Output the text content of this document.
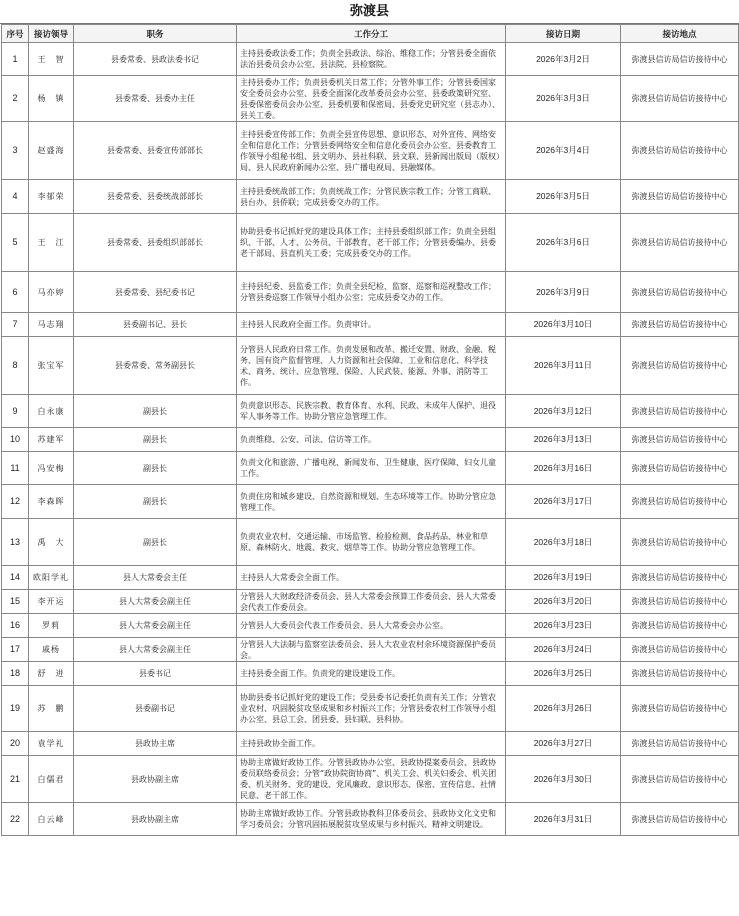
弥渡县
序号	接访领导	职务	工作分工	接访日期	接访地点
1	王　智	县委常委、县政法委书记	主持县委政法委工作；负责全县政法、综治、维稳工作；分管县委全面依法治县委员会办公室、县法院、县检察院。	2026年3月2日	弥渡县信访局信访接待中心
2	杨　镇	县委常委、县委办主任	主持县委办工作；负责县委机关日常工作；分管外事工作；分管县委国家安全委员会办公室、县委全面深化改革委员会办公室、县委政策研究室、县委保密委员会办公室、县委机要和保密局、县委党史研究室（县志办）、县关工委。	2026年3月3日	弥渡县信访局信访接待中心
3	赵盛海	县委常委、县委宣传部部长	主持县委宣传部工作；负责全县宣传思想、意识形态、对外宣传、网络安全和信息化工作；分管县委网络安全和信息化委员会办公室、县委教育工作领导小组秘书组、县文明办、县社科联、县文联、县新闻出版局（版权）局、县人民政府新闻办公室、县广播电视局、县融媒体。	2026年3月4日	弥渡县信访局信访接待中心
4	李郁荣	县委常委、县委统战部部长	主持县委统战部工作；负责统战工作；分管民族宗教工作；分管工商联、县台办、县侨联；完成县委交办的工作。	2026年3月5日	弥渡县信访局信访接待中心
5	王　江	县委常委、县委组织部部长	协助县委书记抓好党的建设具体工作；主持县委组织部工作；负责全县组织、干部、人才、公务员、干部教育、老干部工作；分管县委编办、县委老干部局、县直机关工委；完成县委交办的工作。	2026年3月6日	弥渡县信访局信访接待中心
6	马亦婷	县委常委、县纪委书记	主持县纪委、县监委工作；负责全县纪检、监察、巡察和巡视整改工作；分管县委巡察工作领导小组办公室；完成县委交办的工作。	2026年3月9日	弥渡县信访局信访接待中心
7	马志翔	县委副书记、县长	主持县人民政府全面工作。负责审计。	2026年3月10日	弥渡县信访局信访接待中心
8	张宝军	县委常委、常务副县长	分管县人民政府日常工作。负责发展和改革、搬迁安置、财政、金融、税务、国有资产监督管理、人力资源和社会保障、工业和信息化、科学技术、商务、统计、应急管理、保险、人民武装、能源、外事、消防等工作。	2026年3月11日	弥渡县信访局信访接待中心
9	白永康	副县长	负责意识形态、民族宗教、教育体育、水利、民政、未成年人保护、退役军人事务等工作。协助分管应急管理工作。	2026年3月12日	弥渡县信访局信访接待中心
10	苏建军	副县长	负责维稳、公安、司法、信访等工作。	2026年3月13日	弥渡县信访局信访接待中心
11	冯安梅	副县长	负责文化和旅游、广播电视、新闻发布、卫生健康、医疗保障、妇女儿童工作。	2026年3月16日	弥渡县信访局信访接待中心
12	李森晖	副县长	负责住房和城乡建设、自然资源和规划、生态环境等工作。协助分管应急管理工作。	2026年3月17日	弥渡县信访局信访接待中心
13	禹　大	副县长	负责农业农村、交通运输、市场监管、检验检测、食品药品、林业和草原、森林防火、地震、救灾、烟草等工作。协助分管应急管理工作。	2026年3月18日	弥渡县信访局信访接待中心
14	欧阳学礼	县人大常委会主任	主持县人大常委会全面工作。	2026年3月19日	弥渡县信访局信访接待中心
15	李开运	县人大常委会副主任	分管县人大财政经济委员会、县人大常委会预算工作委员会、县人大常委会代表工作委员会。	2026年3月20日	弥渡县信访局信访接待中心
16	罗莉	县人大常委会副主任	分管县人大委员会代表工作委员会、县人大常委会办公室。	2026年3月23日	弥渡县信访局信访接待中心
17	戚杨	县人大常委会副主任	分管县人大法制与监察室法委员会、县人大农业农村余环境资源保护委员会。	2026年3月24日	弥渡县信访局信访接待中心
18	舒　进	县委书记	主持县委全面工作。负责党的建设建设工作。	2026年3月25日	弥渡县信访局信访接待中心
19	苏　鹏	县委副书记	协助县委书记抓好党的建设工作；受县委书记委托负责有关工作；分管农业农村、巩固脱贫攻坚成果和乡村振兴工作；分管县委农村工作领导小组办公室、县总工会、团县委、县妇联、县科协。	2026年3月26日	弥渡县信访局信访接待中心
20	袁学礼	县政协主席	主持县政协全面工作。	2026年3月27日	弥渡县信访局信访接待中心
21	白儒君	县政协副主席	协助主席做好政协工作。分管县政协办公室、县政协提案委员会、县政协委员联络委员会；分管“政协院街协商”、机关工会、机关妇委会、机关团委、机关财务、党的建设、党风廉政、意识形态、保密、宣传信息、社情民意、老干部工作。	2026年3月30日	弥渡县信访局信访接待中心
22	白云峰	县政协副主席	协助主席做好政协工作。分管县政协教科卫体委员会、县政协文化文史和学习委员会；分管巩固拓展脱贫攻坚成果与乡村振兴、精神文明建设。	2026年3月31日	弥渡县信访局信访接待中心
